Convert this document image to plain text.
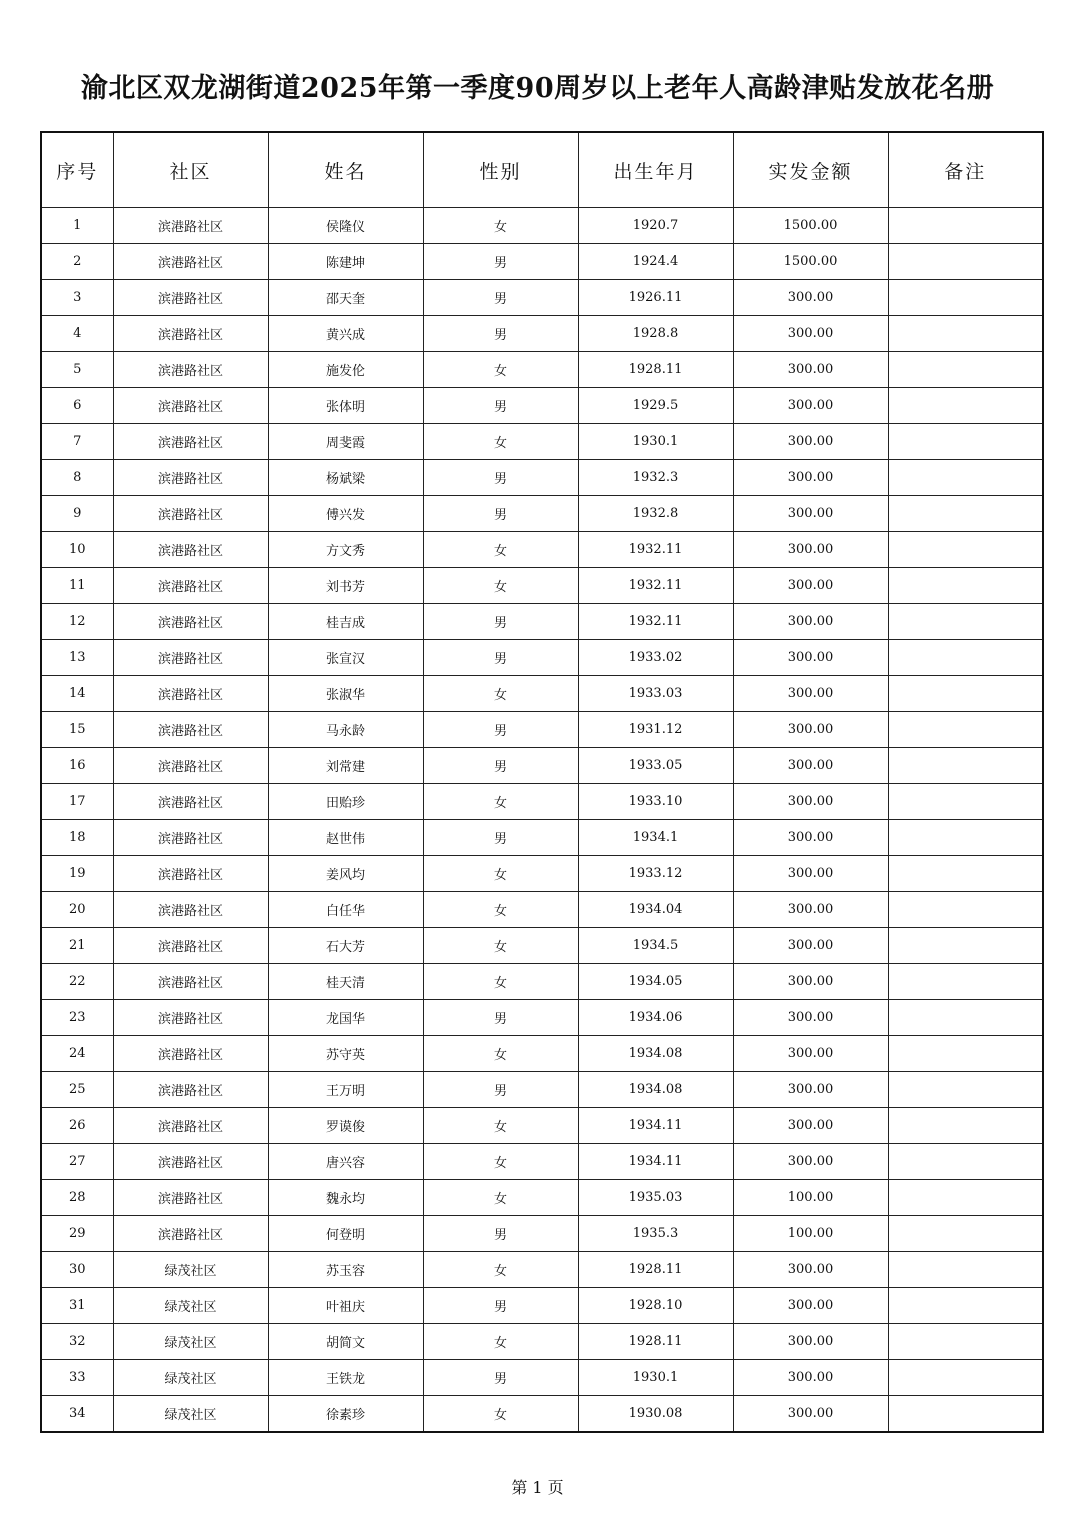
渝北区双龙湖街道2025年第一季度90周岁以上老年人高龄津贴发放花名册
序号	社区	姓名	性别	出生年月	实发金额	备注
1	滨港路社区	侯隆仪	女	1920.7	1500.00	
2	滨港路社区	陈建坤	男	1924.4	1500.00	
3	滨港路社区	邵天奎	男	1926.11	300.00	
4	滨港路社区	黄兴成	男	1928.8	300.00	
5	滨港路社区	施发伦	女	1928.11	300.00	
6	滨港路社区	张体明	男	1929.5	300.00	
7	滨港路社区	周斐霞	女	1930.1	300.00	
8	滨港路社区	杨斌梁	男	1932.3	300.00	
9	滨港路社区	傅兴发	男	1932.8	300.00	
10	滨港路社区	方文秀	女	1932.11	300.00	
11	滨港路社区	刘书芳	女	1932.11	300.00	
12	滨港路社区	桂吉成	男	1932.11	300.00	
13	滨港路社区	张宣汉	男	1933.02	300.00	
14	滨港路社区	张淑华	女	1933.03	300.00	
15	滨港路社区	马永龄	男	1931.12	300.00	
16	滨港路社区	刘常建	男	1933.05	300.00	
17	滨港路社区	田贻珍	女	1933.10	300.00	
18	滨港路社区	赵世伟	男	1934.1	300.00	
19	滨港路社区	姜风均	女	1933.12	300.00	
20	滨港路社区	白任华	女	1934.04	300.00	
21	滨港路社区	石大芳	女	1934.5	300.00	
22	滨港路社区	桂天清	女	1934.05	300.00	
23	滨港路社区	龙国华	男	1934.06	300.00	
24	滨港路社区	苏守英	女	1934.08	300.00	
25	滨港路社区	王万明	男	1934.08	300.00	
26	滨港路社区	罗谟俊	女	1934.11	300.00	
27	滨港路社区	唐兴容	女	1934.11	300.00	
28	滨港路社区	魏永均	女	1935.03	100.00	
29	滨港路社区	何登明	男	1935.3	100.00	
30	绿茂社区	苏玉容	女	1928.11	300.00	
31	绿茂社区	叶祖庆	男	1928.10	300.00	
32	绿茂社区	胡简文	女	1928.11	300.00	
33	绿茂社区	王铁龙	男	1930.1	300.00	
34	绿茂社区	徐素珍	女	1930.08	300.00	
第 1 页
